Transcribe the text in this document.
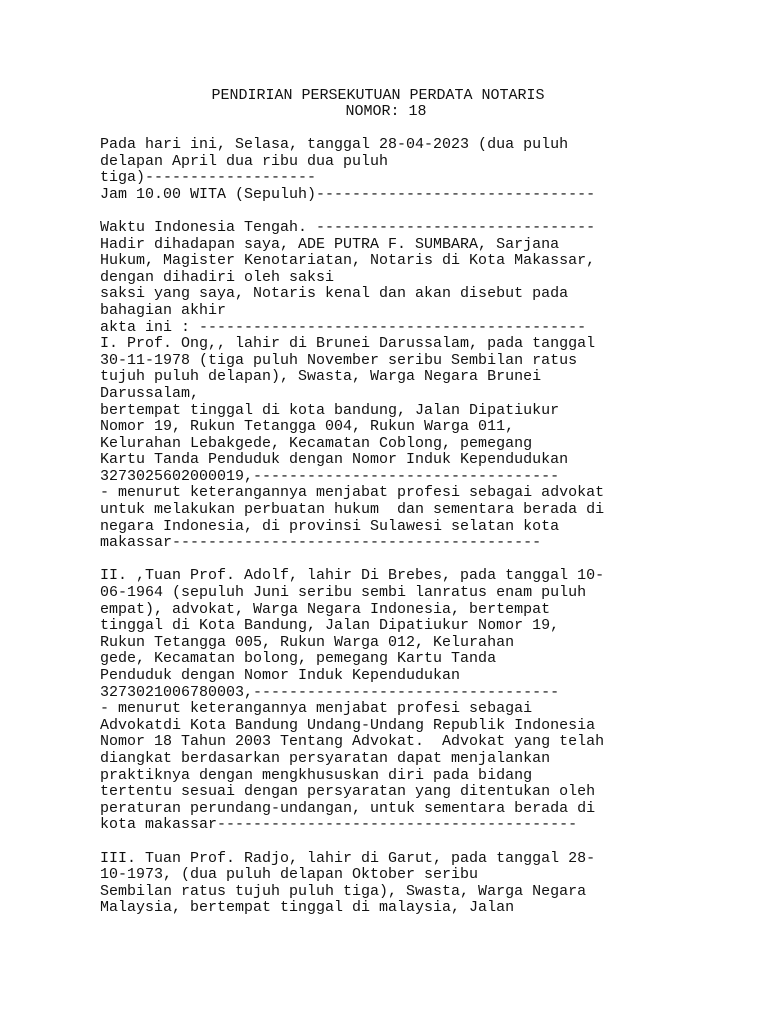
PENDIRIAN PERSEKUTUAN PERDATA NOTARIS
NOMOR: 18
Pada hari ini, Selasa, tanggal 28-04-2023 (dua puluh
delapan April dua ribu dua puluh
tiga)-------------------
Jam 10.00 WITA (Sepuluh)-------------------------------
Waktu Indonesia Tengah. -------------------------------
Hadir dihadapan saya, ADE PUTRA F. SUMBARA, Sarjana
Hukum, Magister Kenotariatan, Notaris di Kota Makassar,
dengan dihadiri oleh saksi
saksi yang saya, Notaris kenal dan akan disebut pada
bahagian akhir
akta ini : -------------------------------------------
I. Prof. Ong,, lahir di Brunei Darussalam, pada tanggal
30-11-1978 (tiga puluh November seribu Sembilan ratus
tujuh puluh delapan), Swasta, Warga Negara Brunei
Darussalam,
bertempat tinggal di kota bandung, Jalan Dipatiukur
Nomor 19, Rukun Tetangga 004, Rukun Warga 011,
Kelurahan Lebakgede, Kecamatan Coblong, pemegang
Kartu Tanda Penduduk dengan Nomor Induk Kependudukan
3273025602000019,----------------------------------
- menurut keterangannya menjabat profesi sebagai advokat
untuk melakukan perbuatan hukum  dan sementara berada di
negara Indonesia, di provinsi Sulawesi selatan kota
makassar-----------------------------------------
II. ,Tuan Prof. Adolf, lahir Di Brebes, pada tanggal 10-
06-1964 (sepuluh Juni seribu sembi lanratus enam puluh
empat), advokat, Warga Negara Indonesia, bertempat
tinggal di Kota Bandung, Jalan Dipatiukur Nomor 19,
Rukun Tetangga 005, Rukun Warga 012, Kelurahan
gede, Kecamatan bolong, pemegang Kartu Tanda
Penduduk dengan Nomor Induk Kependudukan
3273021006780003,----------------------------------
- menurut keterangannya menjabat profesi sebagai
Advokatdi Kota Bandung Undang-Undang Republik Indonesia
Nomor 18 Tahun 2003 Tentang Advokat.  Advokat yang telah
diangkat berdasarkan persyaratan dapat menjalankan
praktiknya dengan mengkhususkan diri pada bidang
tertentu sesuai dengan persyaratan yang ditentukan oleh
peraturan perundang-undangan, untuk sementara berada di
kota makassar----------------------------------------
III. Tuan Prof. Radjo, lahir di Garut, pada tanggal 28-
10-1973, (dua puluh delapan Oktober seribu
Sembilan ratus tujuh puluh tiga), Swasta, Warga Negara
Malaysia, bertempat tinggal di malaysia, Jalan
